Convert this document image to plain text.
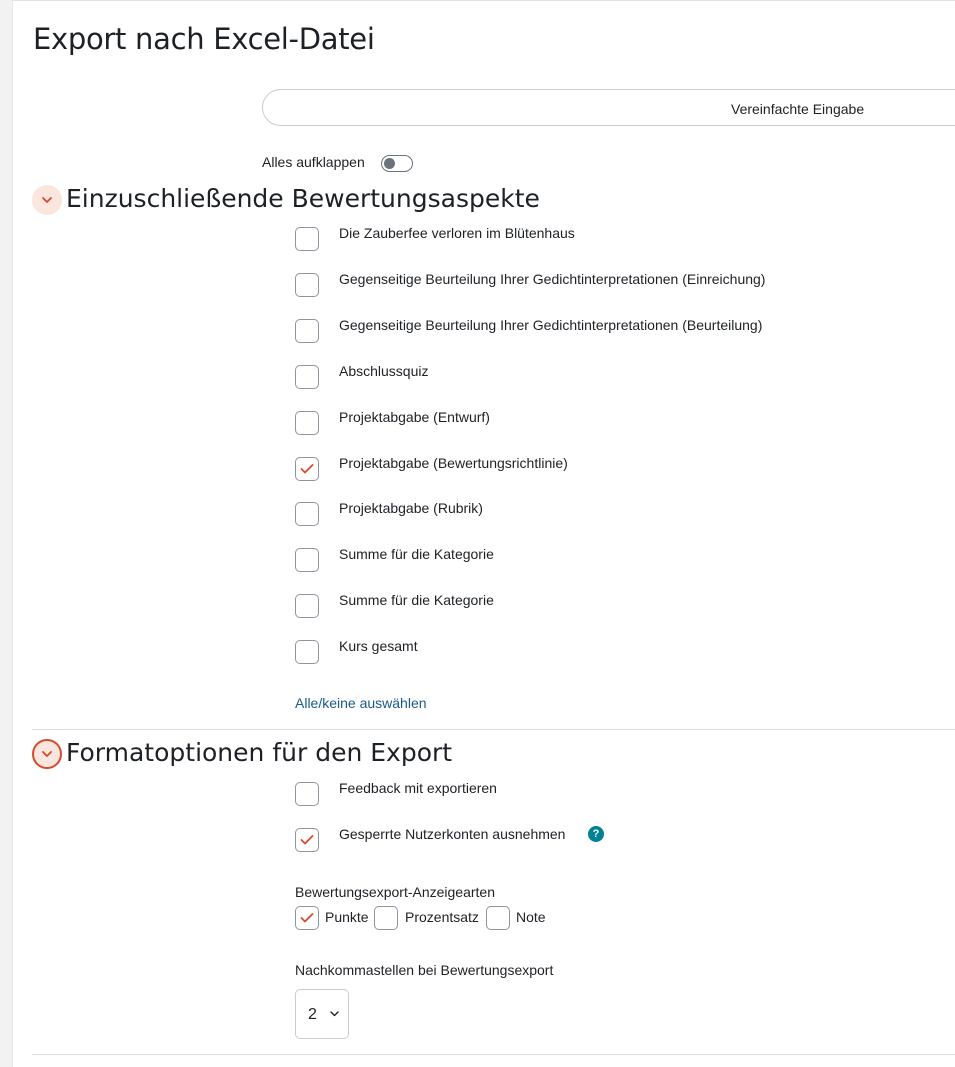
Export nach Excel-Datei
Vereinfachte Eingabe
Alles aufklappen
Einzuschließende Bewertungsaspekte
Die Zauberfee verloren im Blütenhaus
Gegenseitige Beurteilung Ihrer Gedichtinterpretationen (Einreichung)
Gegenseitige Beurteilung Ihrer Gedichtinterpretationen (Beurteilung)
Abschlussquiz
Projektabgabe (Entwurf)
Projektabgabe (Bewertungsrichtlinie)
Projektabgabe (Rubrik)
Summe für die Kategorie
Summe für die Kategorie
Kurs gesamt
Alle/keine auswählen
Formatoptionen für den Export
Feedback mit exportieren
Gesperrte Nutzerkonten ausnehmen	?
Bewertungsexport-Anzeigearten
Punkte	Prozentsatz	Note
Nachkommastellen bei Bewertungsexport
2
